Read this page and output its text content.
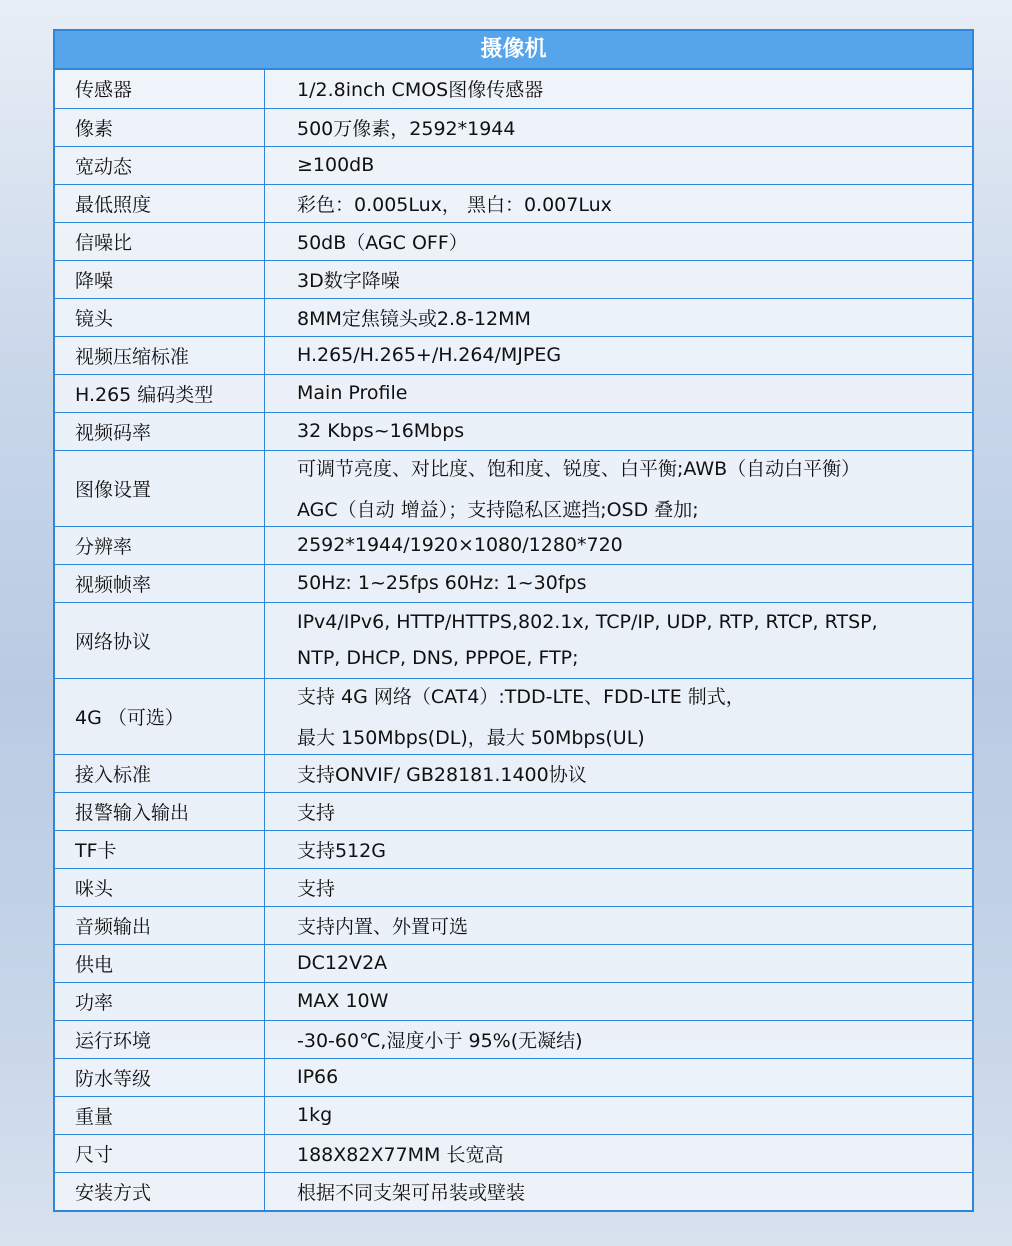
摄像机
传感器	1/2.8inch CMOS图像传感器

像素	500万像素，2592*1944

宽动态	≥100dB

最低照度	彩色：0.005Lux， 黑白：0.007Lux

信噪比	50dB（AGC OFF）

降噪	3D数字降噪

镜头	8MM定焦镜头或2.8-12MM

视频压缩标准	H.265/H.265+/H.264/MJPEG

H.265 编码类型	Main Profile

视频码率	32 Kbps~16Mbps

图像设置	可调节亮度、对比度、饱和度、锐度、白平衡;AWB（自动白平衡）
AGC（自动 增益）；支持隐私区遮挡;OSD 叠加;

分辨率	2592*1944/1920×1080/1280*720

视频帧率	50Hz: 1~25fps 60Hz: 1~30fps

网络协议	IPv4/IPv6, HTTP/HTTPS,802.1x, TCP/IP, UDP, RTP, RTCP, RTSP,
NTP, DHCP, DNS, PPPOE, FTP;

4G （可选）	支持 4G 网络（CAT4）:TDD-LTE、FDD-LTE 制式，
最大 150Mbps(DL)，最大 50Mbps(UL)

接入标准	支持ONVIF/ GB28181.1400协议

报警输入输出	支持

TF卡	支持512G

咪头	支持

音频输出	支持内置、外置可选

供电	DC12V2A

功率	MAX 10W

运行环境	-30-60℃,湿度小于 95%(无凝结)

防水等级	IP66

重量	1kg

尺寸	188X82X77MM 长宽高

安装方式	根据不同支架可吊装或壁装
